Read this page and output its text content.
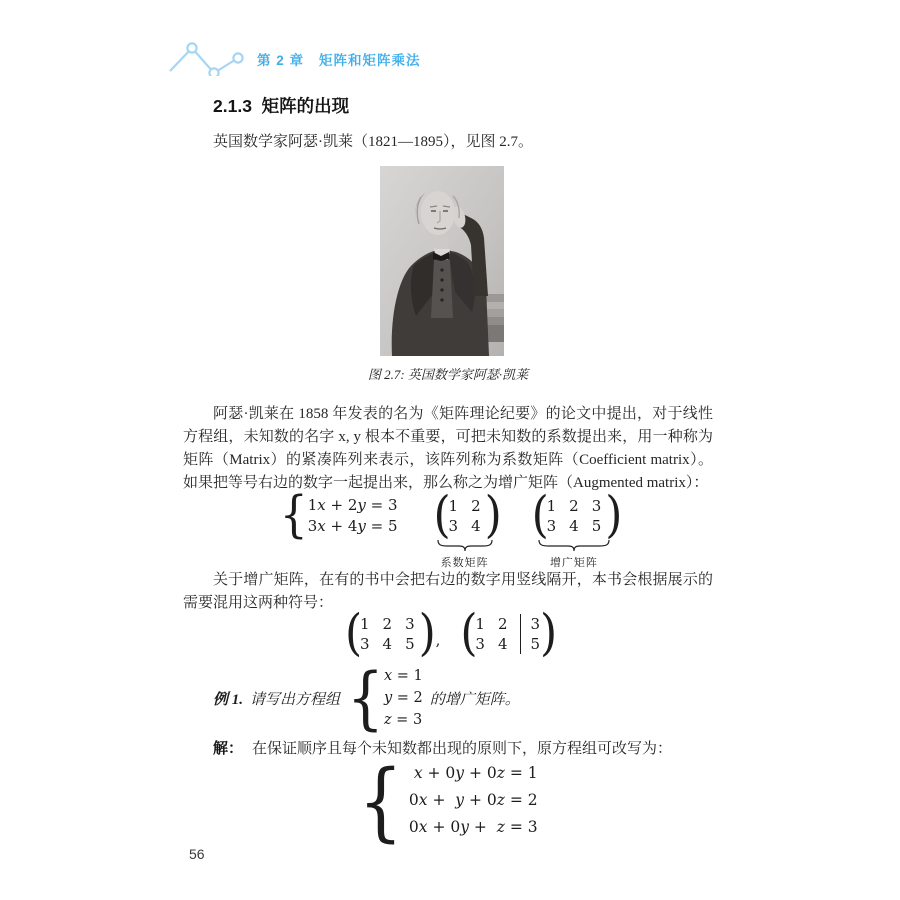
第 2 章 矩阵和矩阵乘法
2.1.3  矩阵的出现
英国数学家阿瑟·凯莱（1821—1895），见图 2.7。
图 2.7: 英国数学家阿瑟·凯莱
阿瑟·凯莱在 1858 年发表的名为《矩阵理论纪要》的论文中提出，对于线性方程组，未知数的名字 x, y 根本不重要，可把未知数的系数提出来，用一种称为矩阵（Matrix）的紧凑阵列来表示，该阵列称为系数矩阵（Coefficient matrix）。如果把等号右边的数字一起提出来，那么称之为增广矩阵（Augmented matrix）：
{ 1x + 2y = 3
3x + 4y = 5 (
1 2
3 4 )
系数矩阵
(
1 2 3
3 4 5 )
增广矩阵
关于增广矩阵，在有的书中会把右边的数字用竖线隔开，本书会根据展示的需要混用这两种符号：
(
1 2 3
3 4 5 ) , (
1 2
3 4
3
5 )
例 1. 请写出方程组 { x = 1
y = 2
z = 3
的增广矩阵。
解： 在保证顺序且每个未知数都出现的原则下，原方程组可改写为：
{ x + 0y + 0z = 1
0x +  y + 0z = 2
0x + 0y +  z = 3
56
